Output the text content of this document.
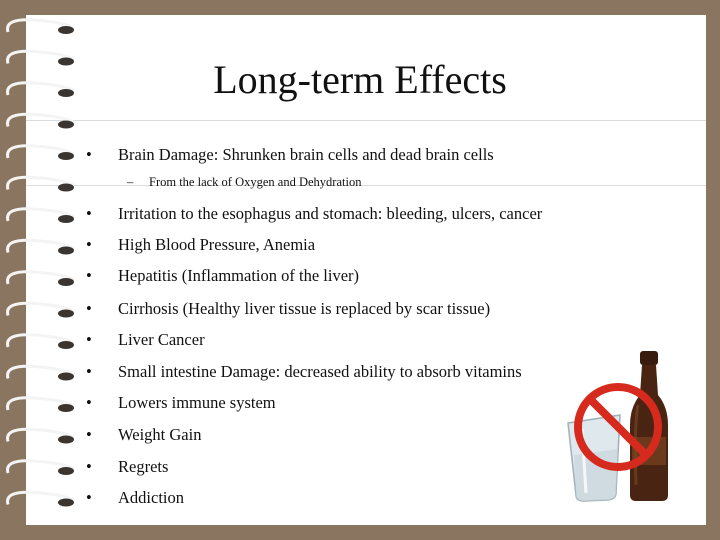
Long-term Effects
• Brain Damage: Shrunken brain cells and dead brain cells
– From the lack of Oxygen and Dehydration
• Irritation to the esophagus and stomach: bleeding, ulcers, cancer
• High Blood Pressure, Anemia
• Hepatitis (Inflammation of the liver)
• Cirrhosis (Healthy liver tissue is replaced by scar tissue)
• Liver Cancer
• Small intestine Damage: decreased ability to absorb vitamins
• Lowers immune system
• Weight Gain
• Regrets
• Addiction
